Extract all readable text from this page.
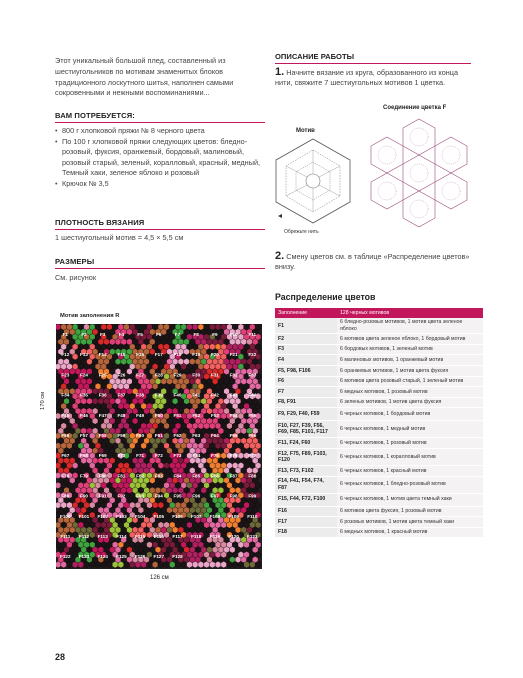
Этот уникальный большой плед, составленный из шестиугольников по мотивам знаменитых блоков традиционного лоскутного шитья, наполнен самыми сокровенными и нежными воспоминаниями...
ВАМ ПОТРЕБУЕТСЯ:
• 800 г хлопковой пряжи № 8 черного цвета
• По 100 г хлопковой пряжи следующих цветов: бледно-розовый, фуксия, оранжевый, бордовый, малиновый, розовый старый, зеленый, коралловый, красный, медный, Темный хаки, зеленое яблоко и розовый
• Крючок № 3,5
ПЛОТНОСТЬ ВЯЗАНИЯ
1 шестиугольный мотив = 4,5 × 5,5 см
РАЗМЕРЫ
См. рисунок
ОПИСАНИЕ РАБОТЫ
1. Начните вязание из круга, образованного из конца нити, свяжите 7 шестиугольных мотивов 1 цветка.
Мотив
Соединение цветка F
Обрежьте нить
2. Смену цветов см. в таблице «Распределение цветов» внизу.
Распределение цветов
Заполнение	128 черных мотивов
F1	6 бледно-розовых мотивов, 1 мотив цвета зеленое яблоко
F2	6 мотивов цвета зеленое яблоко, 1 бордовый мотив
F3	6 бордовых мотивов, 1 зеленый мотив
F4	6 малиновых мотивов, 1 оранжевый мотив
F5, F98, F106	6 оранжевых мотивов, 1 мотив цвета фуксия
F6	6 мотивов цвета розовый старый, 1 зеленый мотив
F7	6 медных мотивов, 1 розовый мотив
F8, F91	6 зеленых мотивов, 1 мотив цвета фуксия
F9, F29, F40, F59	6 черных мотивов, 1 бордовый мотив
F10, F27, F39, F56, F69, F85, F101, F117	6 черных мотивов, 1 медный мотив
F11, F24, F60	6 черных мотивов, 1 розовый мотив
F12, F75, F89, F103, F120	6 черных мотивов, 1 коралловый мотив
F13, F73, F102	6 черных мотивов, 1 красный мотив
F14, F41, F54, F74, F87	6 черных мотивов, 1 бледно-розовый мотив
F15, F44, F72, F100	6 черных мотивов, 1 мотив цвета темный хаки
F16	6 мотивов цвета фуксия, 1 розовый мотив
F17	6 розовых мотивов, 1 мотив цвета темный хаки
F18	6 медных мотивов, 1 красный мотив
Мотив заполнения R
170 см
F1	F2	F3	F4	F5	F6	F7	F8	F9	F10 F11
F12 F13 F14 F15 F16 F17 F18 F19 F20 F21 F22
F23 F24 F25 F26 F27 F28 F29 F30 F31 F32 F33
F34 F35 F36 F37 F38 F39 F40 F41 F42 F43 F44
F45 F46 F47 F48 F49 F50 F51 F52 F53 F54 F55
F56 F57 F58 F59 F60 F61 F62 F63 F64 F65 F66
F67 F68 F69 F70 F71 F72 F73 F74 F75 F76 F77
F78 F79 F80 F81 F82 F83 F84 F85 F86 F87 F88
F89 F90 F91 F92 F93 F94 F95 F96 F97 F98 F99
F100 F101 F102 F103 F104 F105 F106 F107 F108 F109 F110
F111 F112 F113 F114 F115 F116 F117 F118 F119 F120 F121
F122 F123 F124 F125 F126 F127 F128
126 см
28
